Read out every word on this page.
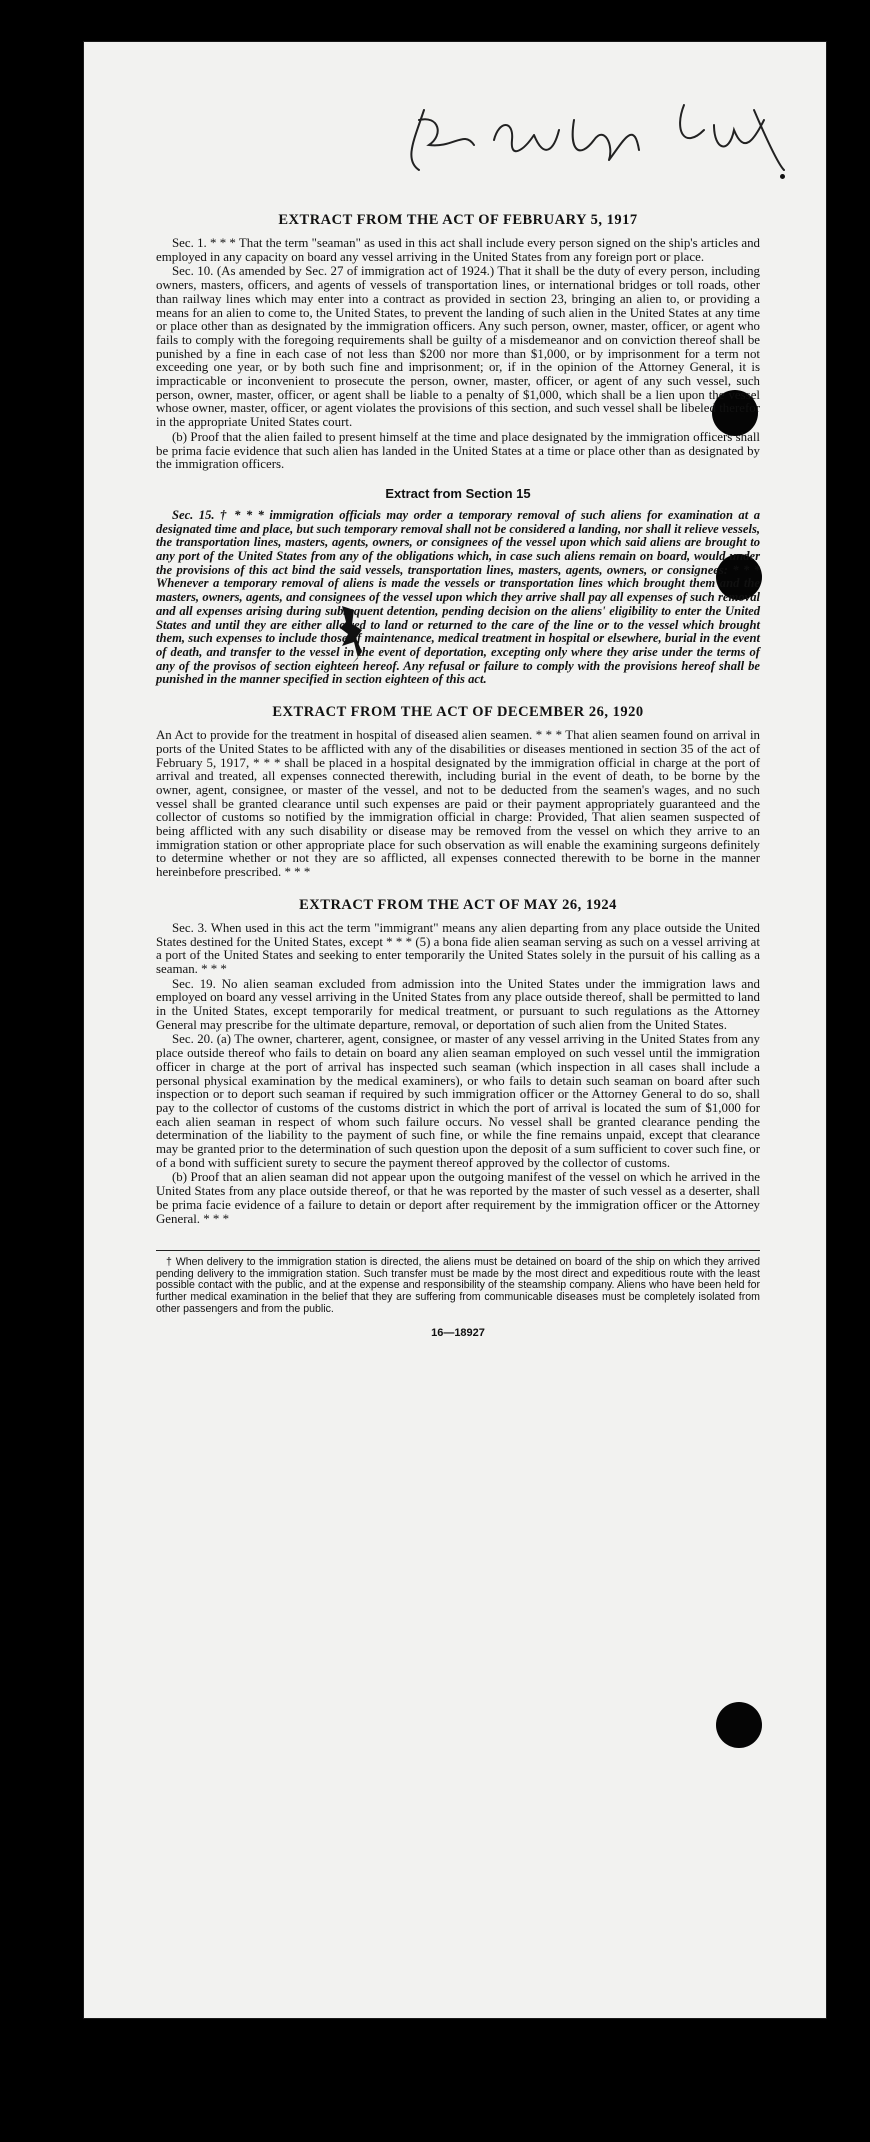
EXTRACT FROM THE ACT OF FEBRUARY 5, 1917

Sec. 1. * * * That the term "seaman" as used in this act shall include every person signed on the ship's articles and employed in any capacity on board any vessel arriving in the United States from any foreign port or place.

Sec. 10. (As amended by Sec. 27 of immigration act of 1924.) That it shall be the duty of every person, including owners, masters, officers, and agents of vessels of transportation lines, or international bridges or toll roads, other than railway lines which may enter into a contract as provided in section 23, bringing an alien to, or providing a means for an alien to come to, the United States, to prevent the landing of such alien in the United States at any time or place other than as designated by the immigration officers. Any such person, owner, master, officer, or agent who fails to comply with the foregoing requirements shall be guilty of a misdemeanor and on conviction thereof shall be punished by a fine in each case of not less than $200 nor more than $1,000, or by imprisonment for a term not exceeding one year, or by both such fine and imprisonment; or, if in the opinion of the Attorney General, it is impracticable or inconvenient to prosecute the person, owner, master, officer, or agent of any such vessel, such person, owner, master, officer, or agent shall be liable to a penalty of $1,000, which shall be a lien upon the vessel whose owner, master, officer, or agent violates the provisions of this section, and such vessel shall be libeled therefor in the appropriate United States court.

(b) Proof that the alien failed to present himself at the time and place designated by the immigration officers shall be prima facie evidence that such alien has landed in the United States at a time or place other than as designated by the immigration officers.

Extract from Section 15

Sec. 15. † * * * immigration officials may order a temporary removal of such aliens for examination at a designated time and place, but such temporary removal shall not be considered a landing, nor shall it relieve vessels, the transportation lines, masters, agents, owners, or consignees of the vessel upon which said aliens are brought to any port of the United States from any of the obligations which, in case such aliens remain on board, would under the provisions of this act bind the said vessels, transportation lines, masters, agents, owners, or consignees: * * * Whenever a temporary removal of aliens is made the vessels or transportation lines which brought them and the masters, owners, agents, and consignees of the vessel upon which they arrive shall pay all expenses of such removal and all expenses arising during subsequent detention, pending decision on the aliens' eligibility to enter the United States and until they are either allowed to land or returned to the care of the line or to the vessel which brought them, such expenses to include those of maintenance, medical treatment in hospital or elsewhere, burial in the event of death, and transfer to the vessel in the event of deportation, excepting only where they arise under the terms of any of the provisos of section eighteen hereof. Any refusal or failure to comply with the provisions hereof shall be punished in the manner specified in section eighteen of this act.

EXTRACT FROM THE ACT OF DECEMBER 26, 1920

An Act to provide for the treatment in hospital of diseased alien seamen. * * * That alien seamen found on arrival in ports of the United States to be afflicted with any of the disabilities or diseases mentioned in section 35 of the act of February 5, 1917, * * * shall be placed in a hospital designated by the immigration official in charge at the port of arrival and treated, all expenses connected therewith, including burial in the event of death, to be borne by the owner, agent, consignee, or master of the vessel, and not to be deducted from the seamen's wages, and no such vessel shall be granted clearance until such expenses are paid or their payment appropriately guaranteed and the collector of customs so notified by the immigration official in charge: Provided, That alien seamen suspected of being afflicted with any such disability or disease may be removed from the vessel on which they arrive to an immigration station or other appropriate place for such observation as will enable the examining surgeons definitely to determine whether or not they are so afflicted, all expenses connected therewith to be borne in the manner hereinbefore prescribed. * * *

EXTRACT FROM THE ACT OF MAY 26, 1924

Sec. 3. When used in this act the term "immigrant" means any alien departing from any place outside the United States destined for the United States, except * * * (5) a bona fide alien seaman serving as such on a vessel arriving at a port of the United States and seeking to enter temporarily the United States solely in the pursuit of his calling as a seaman. * * *

Sec. 19. No alien seaman excluded from admission into the United States under the immigration laws and employed on board any vessel arriving in the United States from any place outside thereof, shall be permitted to land in the United States, except temporarily for medical treatment, or pursuant to such regulations as the Attorney General may prescribe for the ultimate departure, removal, or deportation of such alien from the United States.

Sec. 20. (a) The owner, charterer, agent, consignee, or master of any vessel arriving in the United States from any place outside thereof who fails to detain on board any alien seaman employed on such vessel until the immigration officer in charge at the port of arrival has inspected such seaman (which inspection in all cases shall include a personal physical examination by the medical examiners), or who fails to detain such seaman on board after such inspection or to deport such seaman if required by such immigration officer or the Attorney General to do so, shall pay to the collector of customs of the customs district in which the port of arrival is located the sum of $1,000 for each alien seaman in respect of whom such failure occurs. No vessel shall be granted clearance pending the determination of the liability to the payment of such fine, or while the fine remains unpaid, except that clearance may be granted prior to the determination of such question upon the deposit of a sum sufficient to cover such fine, or of a bond with sufficient surety to secure the payment thereof approved by the collector of customs.

(b) Proof that an alien seaman did not appear upon the outgoing manifest of the vessel on which he arrived in the United States from any place outside thereof, or that he was reported by the master of such vessel as a deserter, shall be prima facie evidence of a failure to detain or deport after requirement by the immigration officer or the Attorney General. * * *

† When delivery to the immigration station is directed, the aliens must be detained on board of the ship on which they arrived pending delivery to the immigration station. Such transfer must be made by the most direct and expeditious route with the least possible contact with the public, and at the expense and responsibility of the steamship company. Aliens who have been held for further medical examination in the belief that they are suffering from communicable diseases must be completely isolated from other passengers and from the public.

16—18927
